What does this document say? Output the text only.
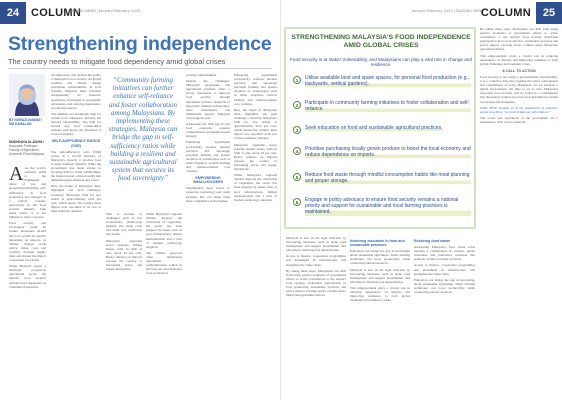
24	COLUMN
DAGANG NEWS | January-February 2025
Strengthening independence
The country needs to mitigate food dependency amid global crises
BY NORAZLINAWATI MD DAHALAN
MUDHDAYA AL-DAHILI
Associate Professor, Faculty of Agriculture, Universiti Putra Malaysia

A As the world's attention shifts to the frightening threat of war and geopolitical instability, self-sufficiency in food production has emerged as a critical concern, particularly in the food security industry. Like many others, it is not immune to these concerns.

Food security and sovereignty could be further threatened should the food system be heavily dependent on imports, as climate change, trade policy, rising costs and conflicts threaten supply lines and disrupt the import of essential food items.

While Malaysia enjoys a relatively prosperous agricultural sector, the nation's food security remains more dependent on a handful of exporters.

circumstances, and address the reality of Malaysia's food security. As global conflicts and climate change exacerbate vulnerabilities in food systems, Malaysia must prioritise strengthening its domestic production, leveraging its geographic advantages, and reducing dependence on external sources.

The numbers are alarmingly high for certain food categories, showing the nation's vulnerability. The SSR for several key food commodities remains well below the threshold of food sovereignty.

SELF-SUFFICIENCY RATIOS (SSR)

The self-sufficiency ratio (SSR) serves as a crucial indicator of Malaysia's capacity to produce food to meet domestic demand. While the government has made strides in boosting SSR for some commodities, the figures reveal a mixed reality that demands urgent attention and action.

Rice, the staple of Malaysian diets, highlights one such challenge. Currently, Malaysia's SSR for rice stands at approximately 62.6 per cent, which means the country must import over one-third of its rice to meet domestic demand.

“Community farming initiatives can further enhance self-reliance and foster collaboration among Malaysians. By implementing these strategies, Malaysia can bridge the gap in self-sufficiency ratios while building a resilient and sustainable agricultural system that secures its food sovereignty”

This is because of challenges such as low productivity, small-scale farming and rising costs that make rice cultivation less viable.

Malaysia's vegetable sector presents similar issues, with an SSR of only about 43 per cent. Heavy reliance on imports exposes the country to fluctuating prices and supply disruptions.

While Malaysia's regional climate supports the cultivation of vegetables, the sector has been plagued by issues such as poor infrastructure, limited mechanisation and a lack of modern technology adoption.

The climate approach often emphasises agricultural competitiveness which in the long run disadvantages local production.

security vulnerabilities.

Despite the challenges, Malaysia's geographic and agricultural potential offers a strong foundation to improve food security, through sustainable policies. Adoption of innovative farming technologies, more investments and smallholder support, Malaysia can bridge the gap.

Addressing the SSR gap in key food categories requires comprehensive and multi-faceted strategy.

Enhancing agricultural productivity requires modern practices that encourage precision farming and greater adoption of technologies such as smart irrigation, vertical farming and climate-resilient crop varieties.

EMPOWERING SMALLHOLDERS

Smallholders need access to resources, technology and credit facilities that can make them more competitive in the market.

Enhancing agricultural productivity requires modern practices that encourage precision farming and greater adoption of technologies such as smart irrigation, vertical farming and climate-resilient crop varieties.

Rice, the staple of Malaysian diets, highlights one such challenge. Currently, Malaysia's SSR for rice stands at approximately 62.6 per cent, which means the country must import over one-third of its rice to meet domestic demand.

Malaysia's vegetable sector presents similar issues, with an SSR of only about 43 per cent. Heavy reliance on imports exposes the country to fluctuating prices and supply disruptions.

While Malaysia's regional climate supports the cultivation of vegetables, the sector has been plagued by issues such as poor infrastructure, limited mechanisation and a lack of modern technology adoption.

January-February 2025 | DAGANG NEWS
COLUMN	25
STRENGTHENING MALAYSIA'S FOOD INDEPENDENCE AMID GLOBAL CRISES
Food security is at stake! Vulnerability, and Malaysians can play a vital role in change and resilience.
1	Utilise available land and spare spaces, for personal food production (e.g., backyards, vertical gardens).
2	Participate in community farming initiatives to foster collaboration and self-reliance.
3	Seek education on food and sustainable agricultural practices.
4	Prioritise purchasing locally grown produce to boost the local economy and reduce dependence on imports.
5	Reduce food waste through mindful consumption habits like meal planning and proper storage.
6	Engage in policy advocacy to ensure food security remains a national priority and support for sustainable and local farming practices is maintained.

By taking these steps, Malaysians can shift from being passive recipients of government efforts to active contributors to the nation's food security. Individual participation in food production, sustainable practices and policy support can help secure a future where Malaysian agriculture thrives.

This empowerment plays a crucial role in reducing dependence on imports and improving resilience to both global challenges and domestic crises.

A CALL TO ACTION

Food security is not solely a governmental responsibility; it is a collective duty that requires the active participation and commitment of every Malaysian. As we navigate a global environment, the time to act is now. Malaysia's long-term food security will be found in a commitment that the nation's natural resources and agricultural potential can sustain and strengthen.

While NFTP reminds us of the importance of collective action to achieve “we must bridge our self-reliance.”

The words and aspirations of the government are a testament to what can be achieved.

Malaysia is also in the right direction by introducing measures, such as better land management and support programmes that will help in reducing food dependencies.

Access to finance, cooperative programmes and investment in infrastructure will strengthen the value chain.

By taking these steps, Malaysians can shift from being passive recipients of government efforts to active contributors to the nation's food security. Individual participation in food production, sustainable practices and policy support can help secure a future where Malaysian agriculture thrives.

Nurturing education in food and sustainable practices

Education can bridge the gap in knowledge about sustainable agriculture. Smart farming techniques can boost productivity while conserving natural resources.

Malaysia is also in the right direction by introducing measures, such as better land management and support programmes that will help in reducing food dependencies.

This empowerment plays a crucial role in reducing dependence on imports and improving resilience to both global challenges and domestic crises.

Reducing food waste

Addressing Malaysia's food waste crisis requires a combination of policies, public awareness and innovative solutions that promote circular economy practices.

Access to finance, cooperative programmes and investment in infrastructure will strengthen the value chain.

Education can bridge the gap in knowledge about sustainable agriculture. Smart farming techniques can boost productivity while conserving natural resources.
